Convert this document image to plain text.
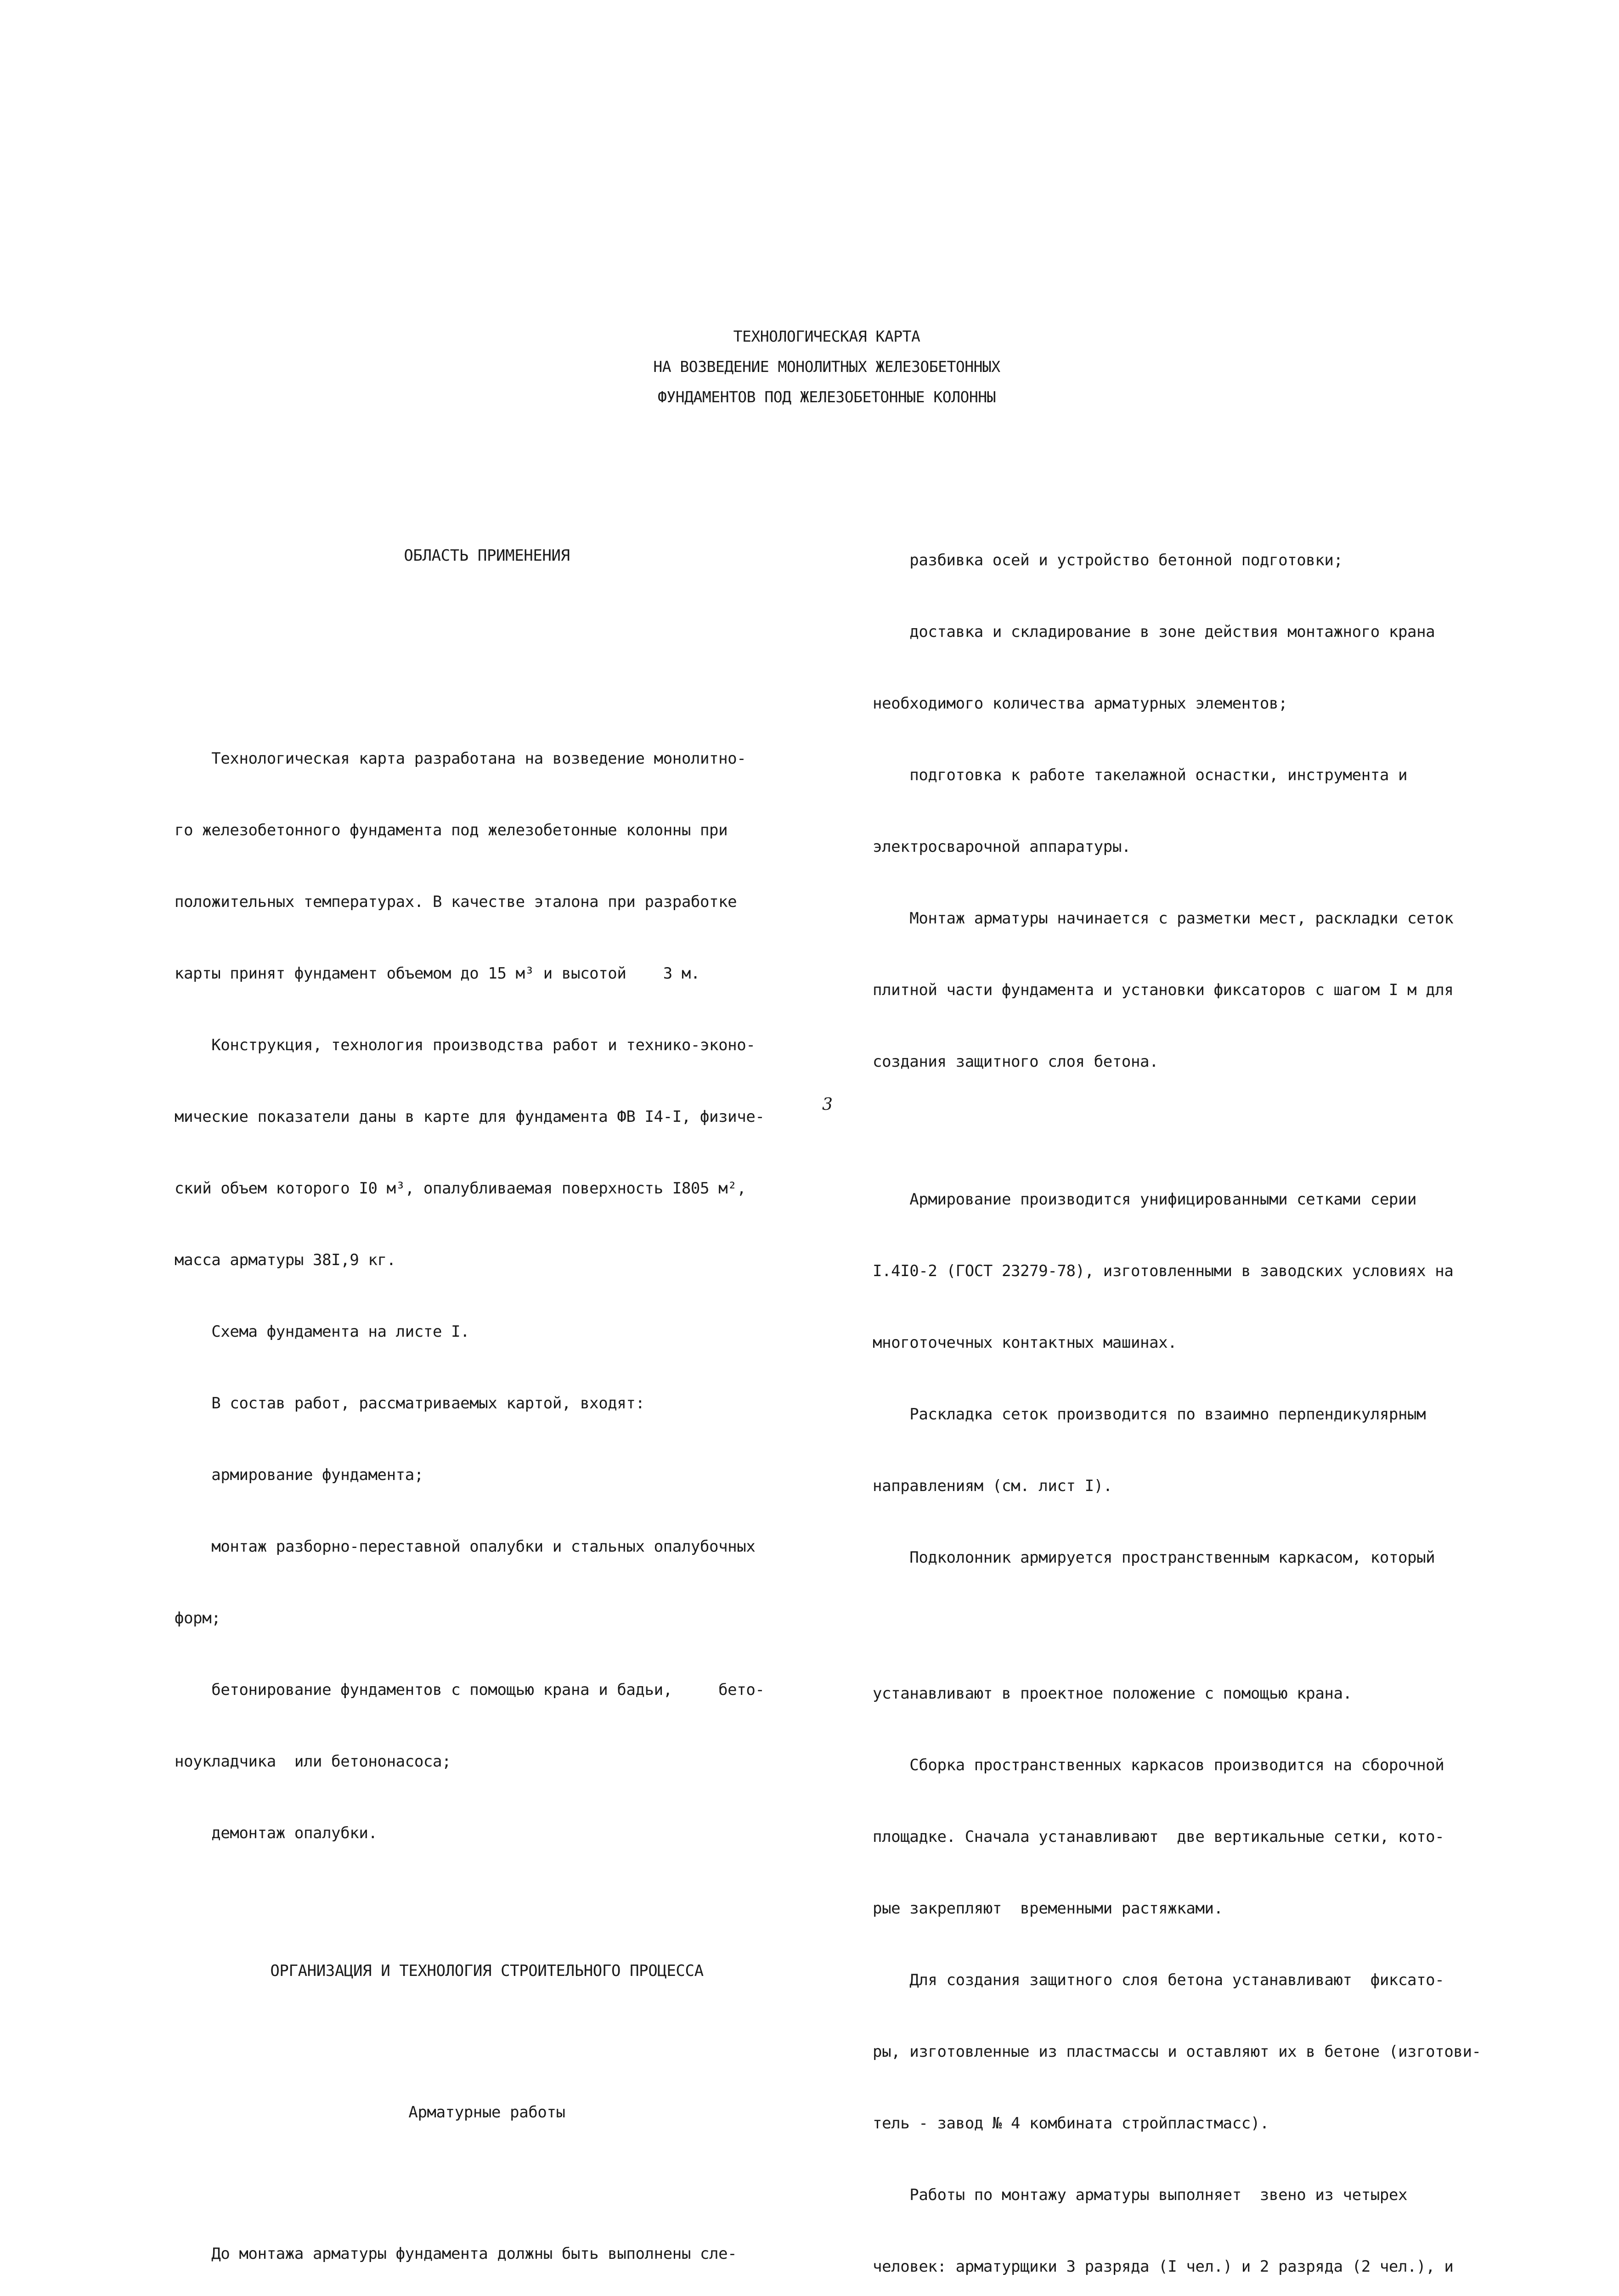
ТЕХНОЛОГИЧЕСКАЯ КАРТА
НА ВОЗВЕДЕНИЕ МОНОЛИТНЫХ ЖЕЛЕЗОБЕТОННЫХ
ФУНДАМЕНТОВ ПОД ЖЕЛЕЗОБЕТОННЫЕ КОЛОННЫ

ОБЛАСТЬ ПРИМЕНЕНИЯ

Технологическая карта разработана на возведение монолитно-

го железобетонного фундамента под железобетонные колонны при

положительных температурах. В качестве эталона при разработке

карты принят фундамент объемом до 15 м³ и высотой    3 м.

Конструкция, технология производства работ и технико-эконо-

мические показатели даны в карте для фундамента ФВ I4-I, физиче-

ский объем которого I0 м³, опалубливаемая поверхность I805 м²,

масса арматуры 38I,9 кг.

Схема фундамента на листе I.

В состав работ, рассматриваемых картой, входят:

армирование фундамента;

монтаж разборно-переставной опалубки и стальных опалубочных

форм;

бетонирование фундаментов с помощью крана и бадьи,     бето-

ноукладчика  или бетононасоса;

демонтаж опалубки.

ОРГАНИЗАЦИЯ И ТЕХНОЛОГИЯ СТРОИТЕЛЬНОГО ПРОЦЕССА

Арматурные работы

До монтажа арматуры фундамента должны быть выполнены сле-

разбивка осей и устройство бетонной подготовки;

доставка и складирование в зоне действия монтажного крана

необходимого количества арматурных элементов;

подготовка к работе такелажной оснастки, инструмента и

электросварочной аппаратуры.

Монтаж арматуры начинается с разметки мест, раскладки сеток

плитной части фундамента и установки фиксаторов с шагом I м для

создания защитного слоя бетона.

Армирование производится унифицированными сетками серии

I.4I0-2 (ГОСТ 23279-78), изготовленными в заводских условиях на

многоточечных контактных машинах.

Раскладка сеток производится по взаимно перпендикулярным

направлениям (см. лист I).

Подколонник армируется пространственным каркасом, который

устанавливают в проектное положение с помощью крана.

Сборка пространственных каркасов производится на сборочной

площадке. Сначала устанавливают  две вертикальные сетки, кото-

рые закрепляют  временными растяжками.

Для создания защитного слоя бетона устанавливают  фиксато-

ры, изготовленные из пластмассы и оставляют их в бетоне (изготови-

тель - завод № 4 комбината стройпластмасс).

Работы по монтажу арматуры выполняет  звено из четырех

человек: арматурщики 3 разряда (I чел.) и 2 разряда (2 чел.), и

3
